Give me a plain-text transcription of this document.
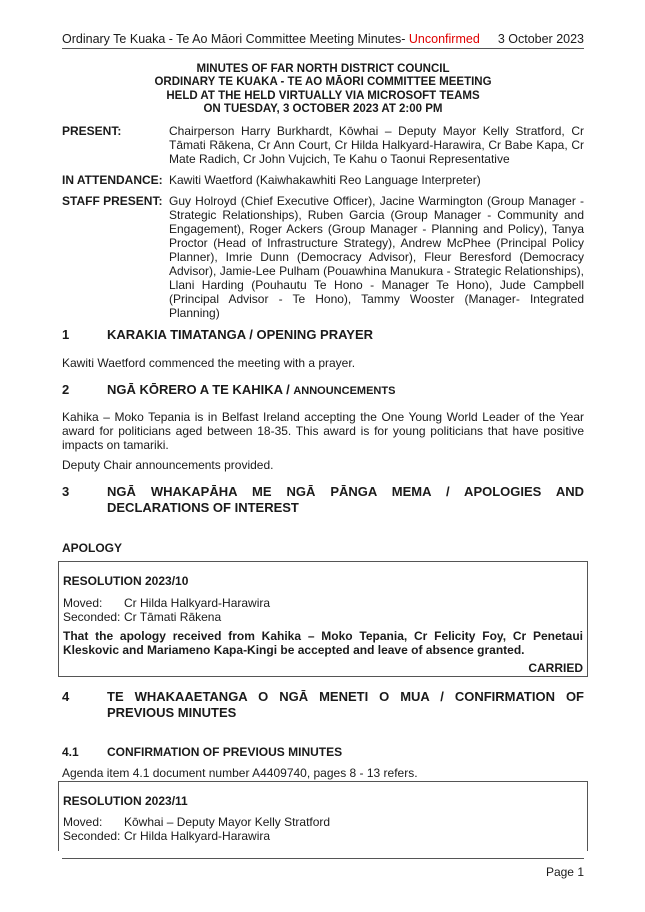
Ordinary Te Kuaka - Te Ao Māori Committee Meeting Minutes- Unconfirmed 3 October 2023
MINUTES OF FAR NORTH DISTRICT COUNCIL
ORDINARY TE KUAKA - TE AO MĀORI COMMITTEE MEETING
HELD AT THE HELD VIRTUALLY VIA MICROSOFT TEAMS
ON TUESDAY, 3 OCTOBER 2023 AT 2:00 PM
PRESENT:	Chairperson Harry Burkhardt, Kōwhai – Deputy Mayor Kelly Stratford, Cr
Tāmati Rākena, Cr Ann Court, Cr Hilda Halkyard-Harawira, Cr Babe Kapa, Cr
Mate Radich, Cr John Vujcich, Te Kahu o Taonui Representative
IN ATTENDANCE: Kawiti Waetford (Kaiwhakawhiti Reo Language Interpreter)
STAFF PRESENT: Guy Holroyd (Chief Executive Officer), Jacine Warmington (Group Manager -
Strategic Relationships), Ruben Garcia (Group Manager - Community and
Engagement), Roger Ackers (Group Manager - Planning and Policy), Tanya
Proctor (Head of Infrastructure Strategy), Andrew McPhee (Principal Policy
Planner), Imrie Dunn (Democracy Advisor), Fleur Beresford (Democracy
Advisor), Jamie-Lee Pulham (Pouawhina Manukura - Strategic Relationships),
Llani Harding (Pouhautu Te Hono - Manager Te Hono), Jude Campbell
(Principal Advisor - Te Hono), Tammy Wooster (Manager- Integrated
Planning)
1	KARAKIA TIMATANGA / OPENING PRAYER
Kawiti Waetford commenced the meeting with a prayer.
2	NGĀ KŌRERO A TE KAHIKA / ANNOUNCEMENTS
Kahika – Moko Tepania is in Belfast Ireland accepting the One Young World Leader of the Year
award for politicians aged between 18-35. This award is for young politicians that have positive
impacts on tamariki.
Deputy Chair announcements provided.
3	NGĀ WHAKAPĀHA ME NGĀ PĀNGA MEMA / APOLOGIES AND
DECLARATIONS OF INTEREST
APOLOGY
RESOLUTION 2023/10
Moved: Cr Hilda Halkyard-Harawira
Seconded: Cr Tāmati Rākena
That the apology received from Kahika – Moko Tepania, Cr Felicity Foy, Cr Penetaui
Kleskovic and Mariameno Kapa-Kingi be accepted and leave of absence granted.
CARRIED
4	TE WHAKAAETANGA O NGĀ MENETI O MUA / CONFIRMATION OF
PREVIOUS MINUTES
4.1 CONFIRMATION OF PREVIOUS MINUTES
Agenda item 4.1 document number A4409740, pages 8 - 13 refers.
RESOLUTION 2023/11
Moved: Kōwhai – Deputy Mayor Kelly Stratford
Seconded: Cr Hilda Halkyard-Harawira
Page 1
